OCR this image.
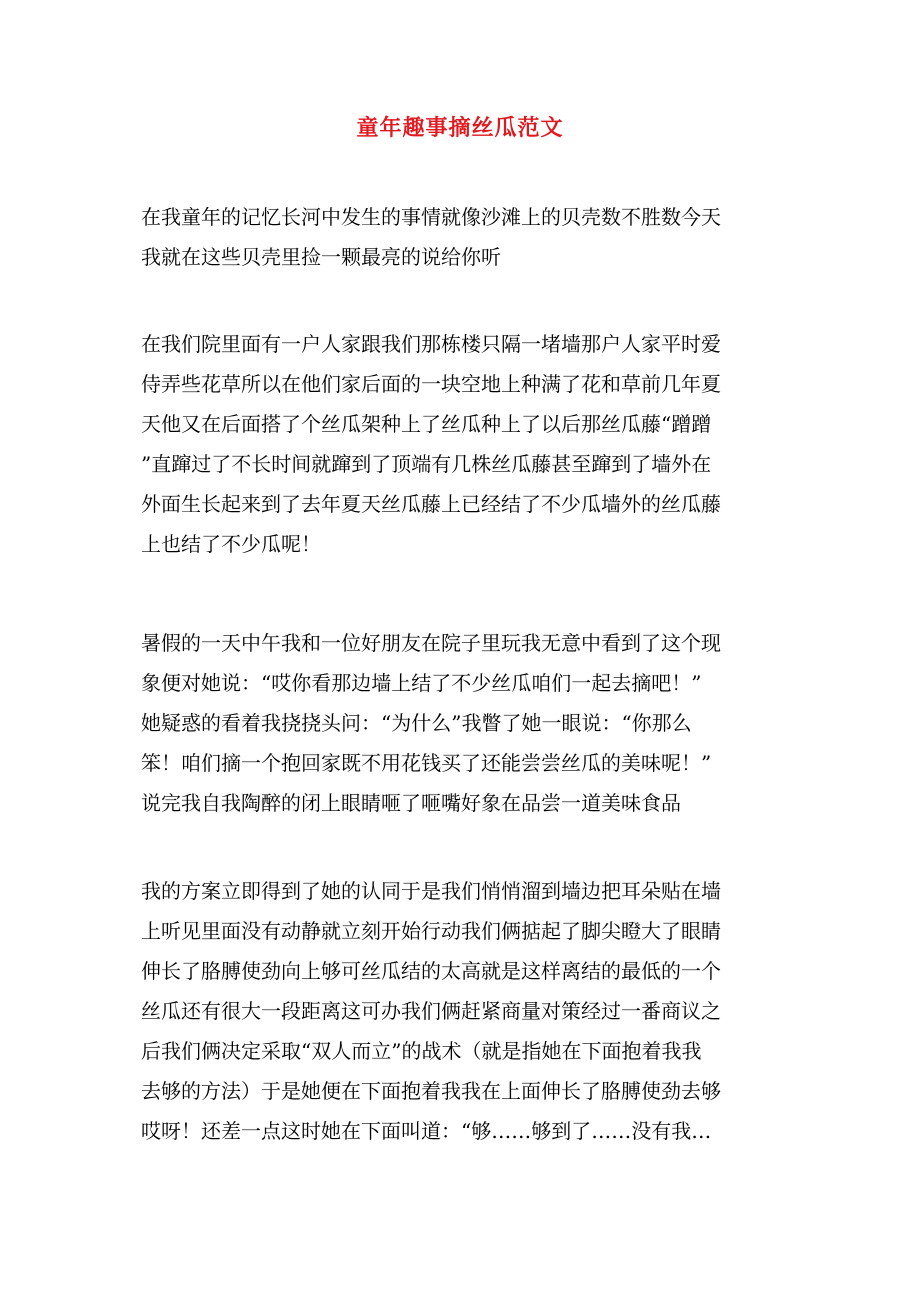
童年趣事摘丝瓜范文
在我童年的记忆长河中发生的事情就像沙滩上的贝壳数不胜数今天
我就在这些贝壳里捡一颗最亮的说给你听
在我们院里面有一户人家跟我们那栋楼只隔一堵墙那户人家平时爱
侍弄些花草所以在他们家后面的一块空地上种满了花和草前几年夏
天他又在后面搭了个丝瓜架种上了丝瓜种上了以后那丝瓜藤“蹭蹭
”直蹿过了不长时间就蹿到了顶端有几株丝瓜藤甚至蹿到了墙外在
外面生长起来到了去年夏天丝瓜藤上已经结了不少瓜墙外的丝瓜藤
上也结了不少瓜呢！
暑假的一天中午我和一位好朋友在院子里玩我无意中看到了这个现
象便对她说：“哎你看那边墙上结了不少丝瓜咱们一起去摘吧！”
她疑惑的看着我挠挠头问：“为什么”我瞥了她一眼说：“你那么
笨！咱们摘一个抱回家既不用花钱买了还能尝尝丝瓜的美味呢！”
说完我自我陶醉的闭上眼睛咂了咂嘴好象在品尝一道美味食品
我的方案立即得到了她的认同于是我们悄悄溜到墙边把耳朵贴在墙
上听见里面没有动静就立刻开始行动我们俩掂起了脚尖瞪大了眼睛
伸长了胳膊使劲向上够可丝瓜结的太高就是这样离结的最低的一个
丝瓜还有很大一段距离这可办我们俩赶紧商量对策经过一番商议之
后我们俩决定采取“双人而立”的战术（就是指她在下面抱着我我
去够的方法）于是她便在下面抱着我我在上面伸长了胳膊使劲去够
哎呀！还差一点这时她在下面叫道：“够……够到了……没有我…
